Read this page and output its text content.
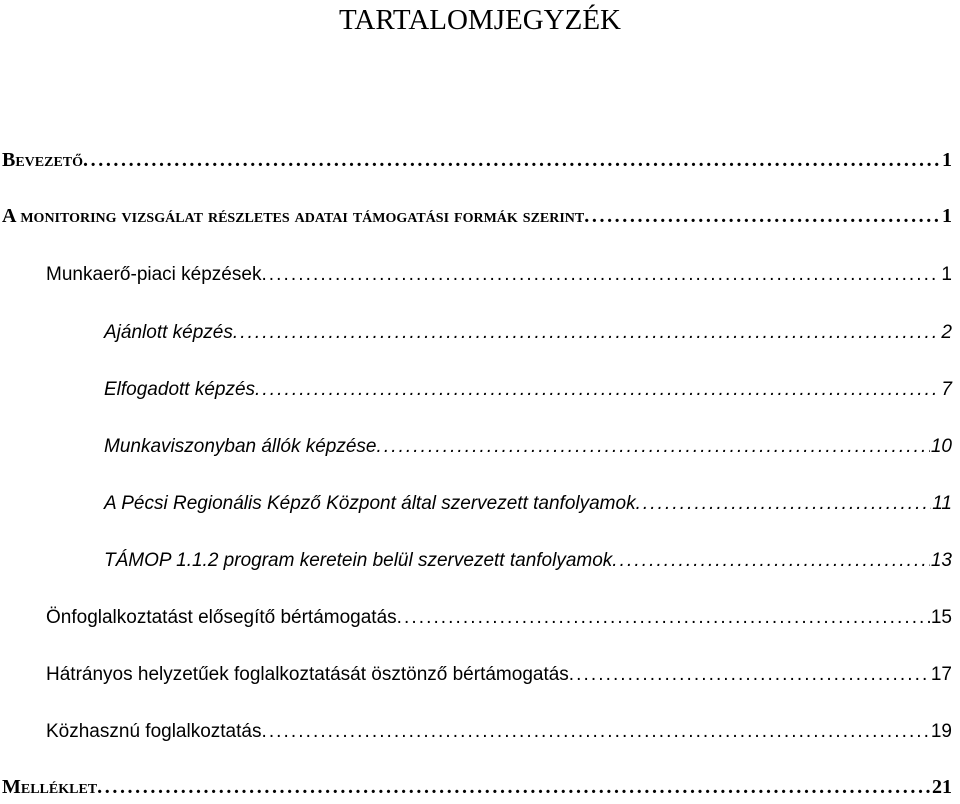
TARTALOMJEGYZÉK
Bevezető . . .	1
A monitoring vizsgálat részletes adatai támogatási formák szerint . . .	1
Munkaerő-piaci képzések . . .	1
Ajánlott képzés . . .	2
Elfogadott képzés . . .	7
Munkaviszonyban állók képzése . . .	10
A Pécsi Regionális Képző Központ által szervezett tanfolyamok . . .	11
TÁMOP 1.1.2 program keretein belül szervezett tanfolyamok . . .	13
Önfoglalkoztatást elősegítő bértámogatás . . .	15
Hátrányos helyzetűek foglalkoztatását ösztönző bértámogatás . . .	17
Közhasznú foglalkoztatás . . .	19
Melléklet . . .	21
